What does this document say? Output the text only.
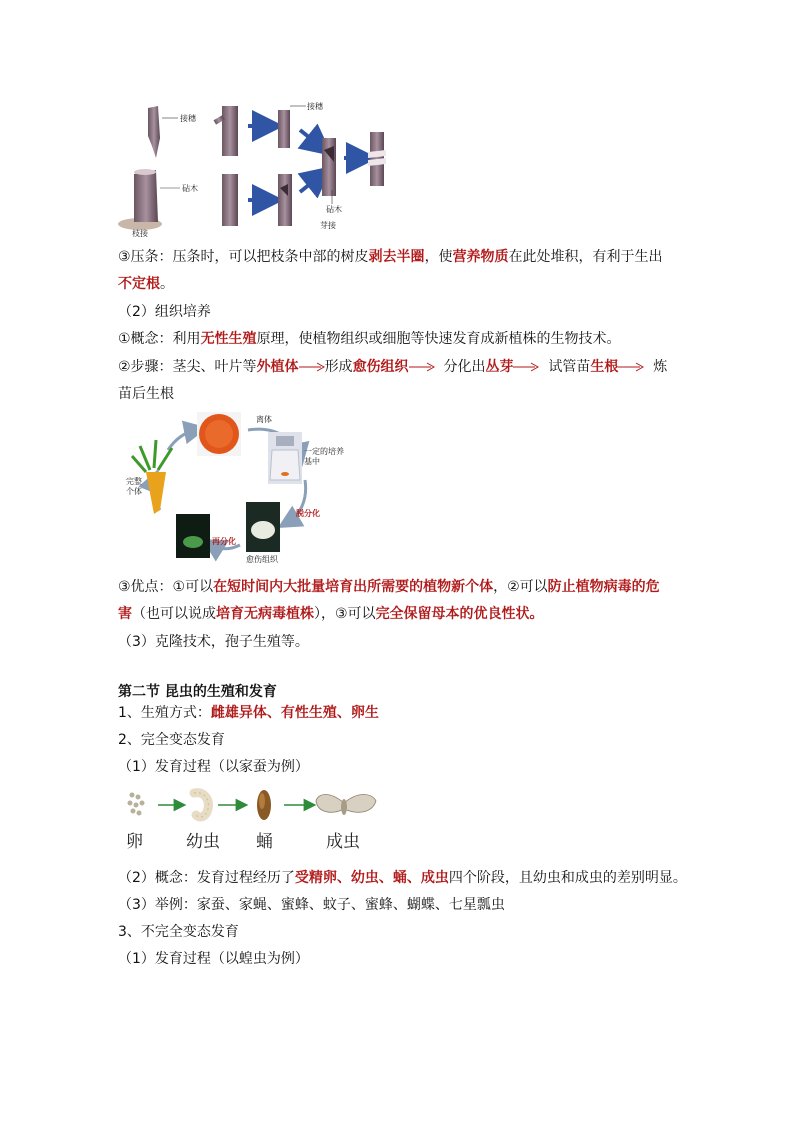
接穗
砧木
枝接
接穗
砧木
芽接
③压条：压条时，可以把枝条中部的树皮剥去半圈，使营养物质在此处堆积，有利于生出
不定根。
（2）组织培养
①概念：利用无性生殖原理，使植物组织或细胞等快速发育成新植株的生物技术。
②步骤：茎尖、叶片等外植体 形成愈伤组织 分化出丛芽 试管苗生根 炼
苗后生根
离体
一定的培养
基中
脱分化
愈伤组织
再分化
完整
个体
③优点：①可以在短时间内大批量培育出所需要的植物新个体，②可以防止植物病毒的危
害（也可以说成培育无病毒植株），③可以完全保留母本的优良性状。
（3）克隆技术，孢子生殖等。
第二节 昆虫的生殖和发育
1、生殖方式：雌雄异体、有性生殖、卵生
2、完全变态发育
（1）发育过程（以家蚕为例）
卵	幼虫 蛹	成虫
（2）概念：发育过程经历了受精卵、幼虫、蛹、成虫四个阶段，且幼虫和成虫的差别明显。
（3）举例：家蚕、家蝇、蜜蜂、蚊子、蜜蜂、蝴蝶、七星瓢虫
3、不完全变态发育
（1）发育过程（以蝗虫为例）
